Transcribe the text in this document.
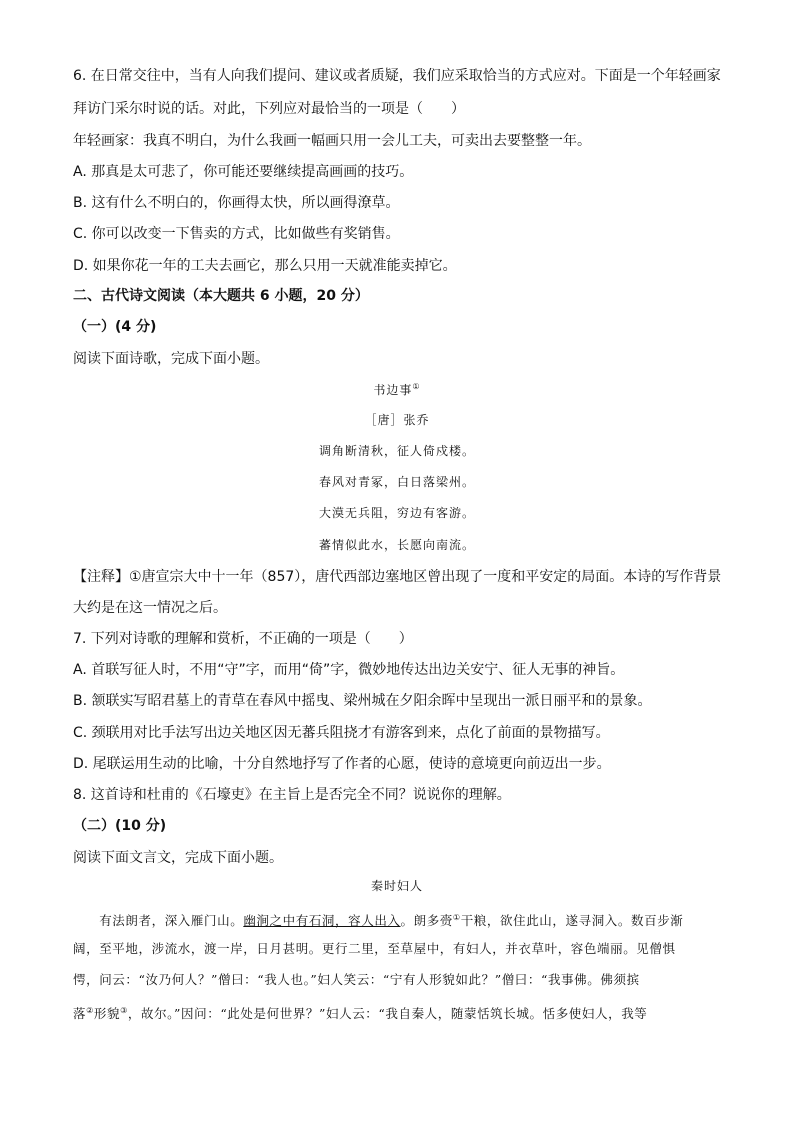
6. 在日常交往中，当有人向我们提问、建议或者质疑，我们应采取恰当的方式应对。下面是一个年轻画家
拜访门采尔时说的话。对此，下列应对最恰当的一项是（　　）
年轻画家：我真不明白，为什么我画一幅画只用一会儿工夫，可卖出去要整整一年。
A. 那真是太可悲了，你可能还要继续提高画画的技巧。
B. 这有什么不明白的，你画得太快，所以画得潦草。
C. 你可以改变一下售卖的方式，比如做些有奖销售。
D. 如果你花一年的工夫去画它，那么只用一天就准能卖掉它。
二、古代诗文阅读（本大题共 6 小题，20 分）
（一）(4 分)
阅读下面诗歌，完成下面小题。
书边事①
［唐］张乔
调角断清秋，征人倚戍楼。
春风对青冢，白日落梁州。
大漠无兵阻，穷边有客游。
蕃情似此水，长愿向南流。
【注释】①唐宣宗大中十一年（857），唐代西部边塞地区曾出现了一度和平安定的局面。本诗的写作背景
大约是在这一情况之后。
7. 下列对诗歌的理解和赏析，不正确的一项是（　　）
A. 首联写征人时，不用“守”字，而用“倚”字，微妙地传达出边关安宁、征人无事的神旨。
B. 颔联实写昭君墓上的青草在春风中摇曳、梁州城在夕阳余晖中呈现出一派日丽平和的景象。
C. 颈联用对比手法写出边关地区因无蕃兵阻挠才有游客到来，点化了前面的景物描写。
D. 尾联运用生动的比喻，十分自然地抒写了作者的心愿，使诗的意境更向前迈出一步。
8. 这首诗和杜甫的《石壕吏》在主旨上是否完全不同？说说你的理解。
（二）(10 分)
阅读下面文言文，完成下面小题。
秦时妇人
　　有法朗者，深入雁门山。幽涧之中有石洞，容人出入。朗多赍①干粮，欲住此山，遂寻洞入。数百步渐
阔，至平地，涉流水，渡一岸，日月甚明。更行二里，至草屋中，有妇人，并衣草叶，容色端丽。见僧惧
愕，问云：“汝乃何人？”僧曰：“我人也。”妇人笑云：“宁有人形貌如此？”僧曰：“我事佛。佛须摈
落②形貌③，故尔。”因问：“此处是何世界？”妇人云：“我自秦人，随蒙恬筑长城。恬多使妇人，我等
